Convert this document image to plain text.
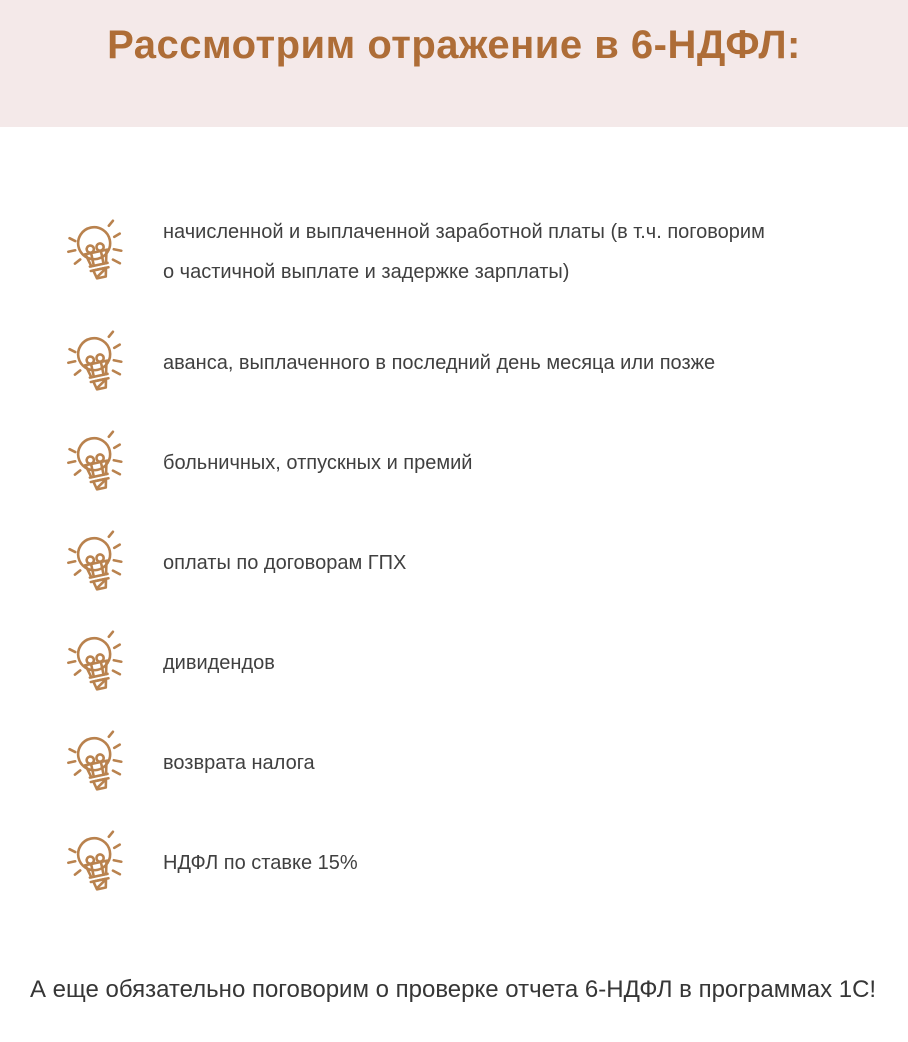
Рассмотрим отражение в 6-НДФЛ:
начисленной и выплаченной заработной платы (в т.ч. поговорим о частичной выплате и задержке зарплаты)
аванса, выплаченного в последний день месяца или позже
больничных, отпускных и премий
оплаты по договорам ГПХ
дивидендов
возврата налога
НДФЛ по ставке 15%
А еще обязательно поговорим о проверке отчета 6-НДФЛ в программах 1С!
